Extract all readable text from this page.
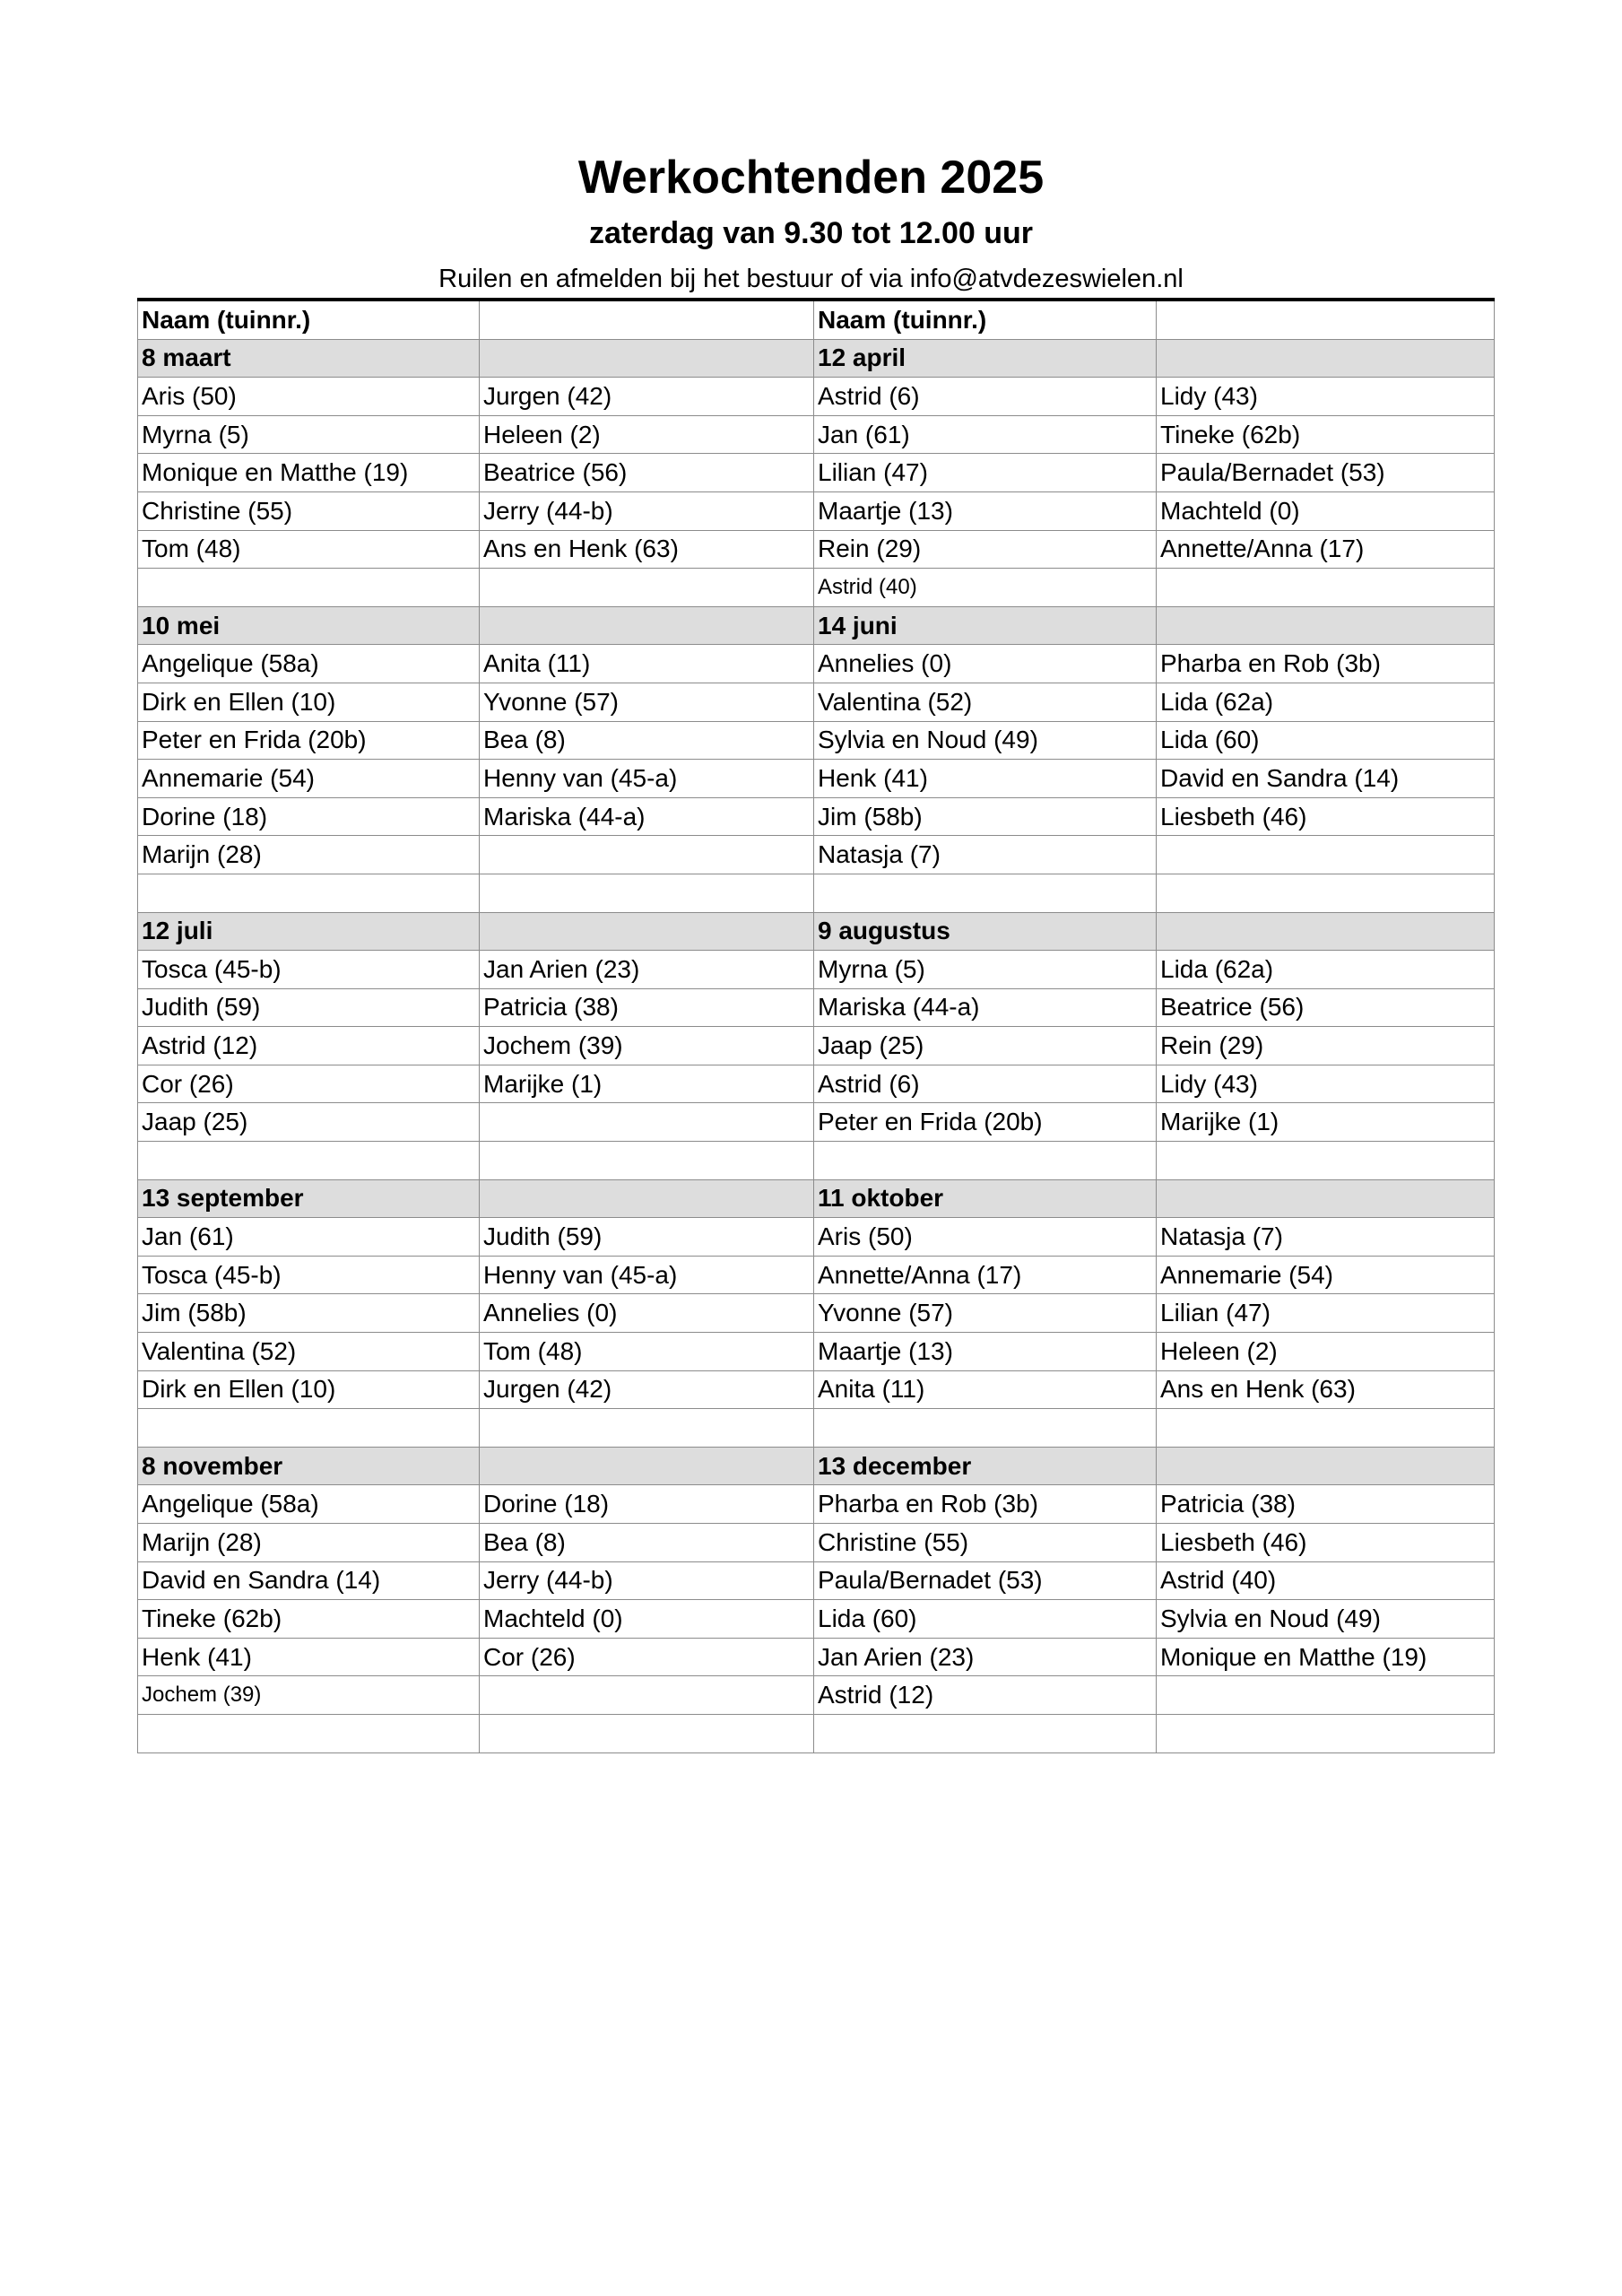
Werkochtenden 2025
zaterdag van 9.30 tot 12.00 uur
Ruilen en afmelden bij het bestuur of via info@atvdezeswielen.nl
Naam (tuinnr.)		Naam (tuinnr.)	
8 maart		12 april	
Aris (50)	Jurgen (42)	Astrid (6)	Lidy (43)
Myrna (5)	Heleen (2)	Jan (61)	Tineke (62b)
Monique en Matthe (19)	Beatrice (56)	Lilian (47)	Paula/Bernadet (53)
Christine (55)	Jerry (44-b)	Maartje (13)	Machteld (0)
Tom (48)	Ans en Henk (63)	Rein (29)	Annette/Anna (17)
		Astrid (40)	
10 mei		14 juni	
Angelique (58a)	Anita (11)	Annelies (0)	Pharba en Rob (3b)
Dirk en Ellen (10)	Yvonne (57)	Valentina (52)	Lida (62a)
Peter en Frida (20b)	Bea (8)	Sylvia en Noud (49)	Lida (60)
Annemarie (54)	Henny van (45-a)	Henk (41)	David en Sandra (14)
Dorine (18)	Mariska (44-a)	Jim (58b)	Liesbeth (46)
Marijn (28)		Natasja (7)	

12 juli		9 augustus	
Tosca (45-b)	Jan Arien (23)	Myrna (5)	Lida (62a)
Judith (59)	Patricia (38)	Mariska (44-a)	Beatrice (56)
Astrid (12)	Jochem (39)	Jaap (25)	Rein (29)
Cor (26)	Marijke (1)	Astrid (6)	Lidy (43)
Jaap (25)		Peter en Frida (20b)	Marijke (1)

13 september		11 oktober	
Jan (61)	Judith (59)	Aris (50)	Natasja (7)
Tosca (45-b)	Henny van (45-a)	Annette/Anna (17)	Annemarie (54)
Jim (58b)	Annelies (0)	Yvonne (57)	Lilian (47)
Valentina (52)	Tom (48)	Maartje (13)	Heleen (2)
Dirk en Ellen (10)	Jurgen (42)	Anita (11)	Ans en Henk (63)

8 november		13 december	
Angelique (58a)	Dorine (18)	Pharba en Rob (3b)	Patricia (38)
Marijn (28)	Bea (8)	Christine (55)	Liesbeth (46)
David en Sandra (14)	Jerry (44-b)	Paula/Bernadet (53)	Astrid (40)
Tineke (62b)	Machteld (0)	Lida (60)	Sylvia en Noud (49)
Henk (41)	Cor (26)	Jan Arien (23)	Monique en Matthe (19)
Jochem (39)		Astrid (12)	
